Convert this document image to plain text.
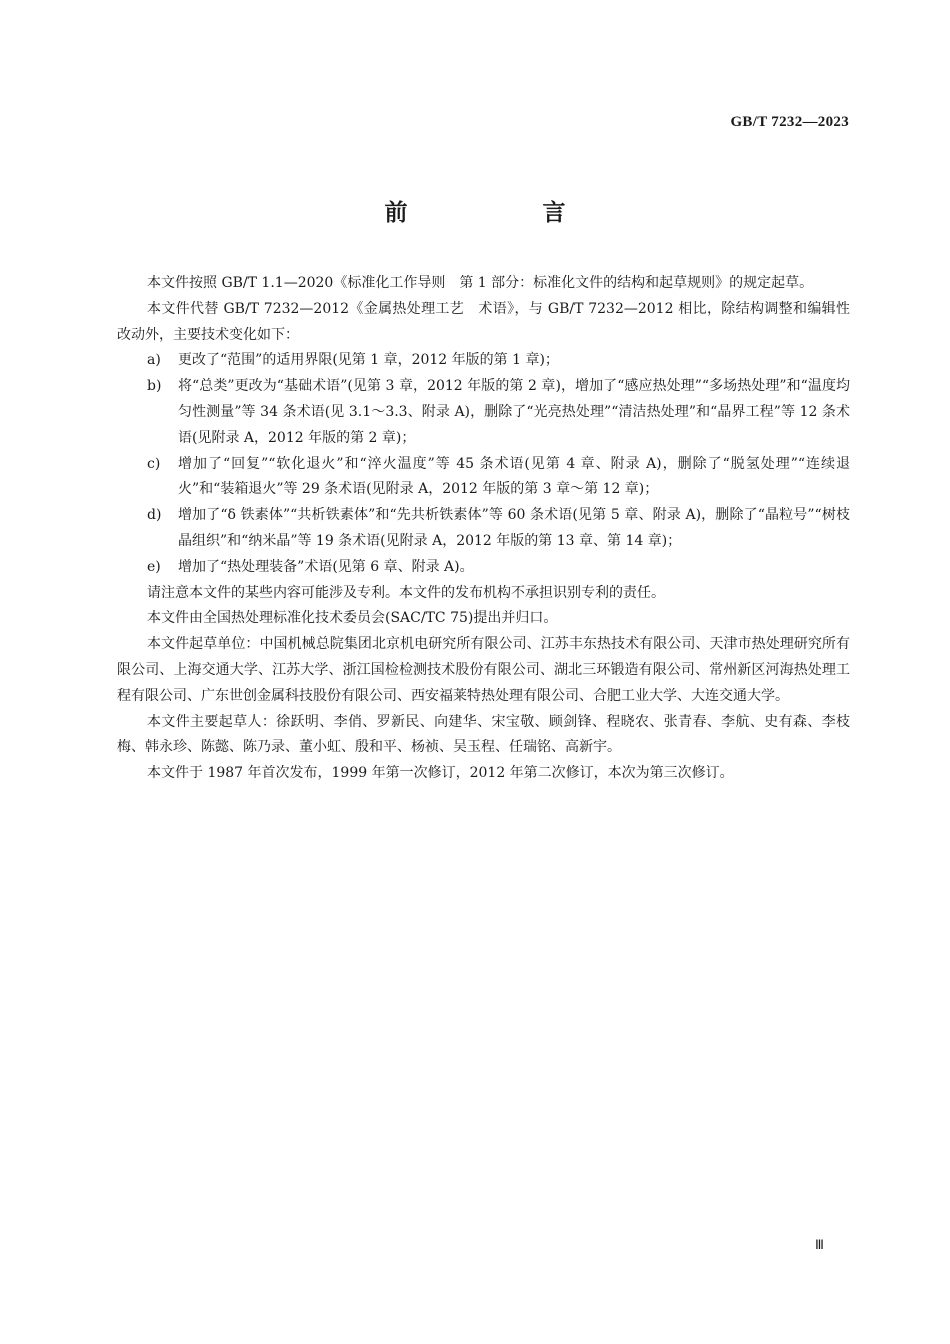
GB/T 7232—2023
前　言

本文件按照 GB/T 1.1—2020《标准化工作导则　第 1 部分：标准化文件的结构和起草规则》的规定起草。

本文件代替 GB/T 7232—2012《金属热处理工艺　术语》，与 GB/T 7232—2012 相比，除结构调整和编辑性改动外，主要技术变化如下：

a) 更改了“范围”的适用界限(见第 1 章，2012 年版的第 1 章)；
b) 将“总类”更改为“基础术语”(见第 3 章，2012 年版的第 2 章)，增加了“感应热处理”“多场热处理”和“温度均匀性测量”等 34 条术语(见 3.1～3.3、附录 A)，删除了“光亮热处理”“清洁热处理”和“晶界工程”等 12 条术语(见附录 A，2012 年版的第 2 章)；
c) 增加了“回复”“软化退火”和“淬火温度”等 45 条术语(见第 4 章、附录 A)，删除了“脱氢处理”“连续退火”和“装箱退火”等 29 条术语(见附录 A，2012 年版的第 3 章～第 12 章)；
d) 增加了“δ 铁素体”“共析铁素体”和“先共析铁素体”等 60 条术语(见第 5 章、附录 A)，删除了“晶粒号”“树枝晶组织”和“纳米晶”等 19 条术语(见附录 A，2012 年版的第 13 章、第 14 章)；
e) 增加了“热处理装备”术语(见第 6 章、附录 A)。

请注意本文件的某些内容可能涉及专利。本文件的发布机构不承担识别专利的责任。

本文件由全国热处理标准化技术委员会(SAC/TC 75)提出并归口。

本文件起草单位：中国机械总院集团北京机电研究所有限公司、江苏丰东热技术有限公司、天津市热处理研究所有限公司、上海交通大学、江苏大学、浙江国检检测技术股份有限公司、湖北三环锻造有限公司、常州新区河海热处理工程有限公司、广东世创金属科技股份有限公司、西安福莱特热处理有限公司、合肥工业大学、大连交通大学。

本文件主要起草人：徐跃明、李俏、罗新民、向建华、宋宝敬、顾剑锋、程晓农、张青春、李航、史有森、李枝梅、韩永珍、陈懿、陈乃录、董小虹、殷和平、杨祯、吴玉程、任瑞铭、高新宇。

本文件于 1987 年首次发布，1999 年第一次修订，2012 年第二次修订，本次为第三次修订。

Ⅲ
